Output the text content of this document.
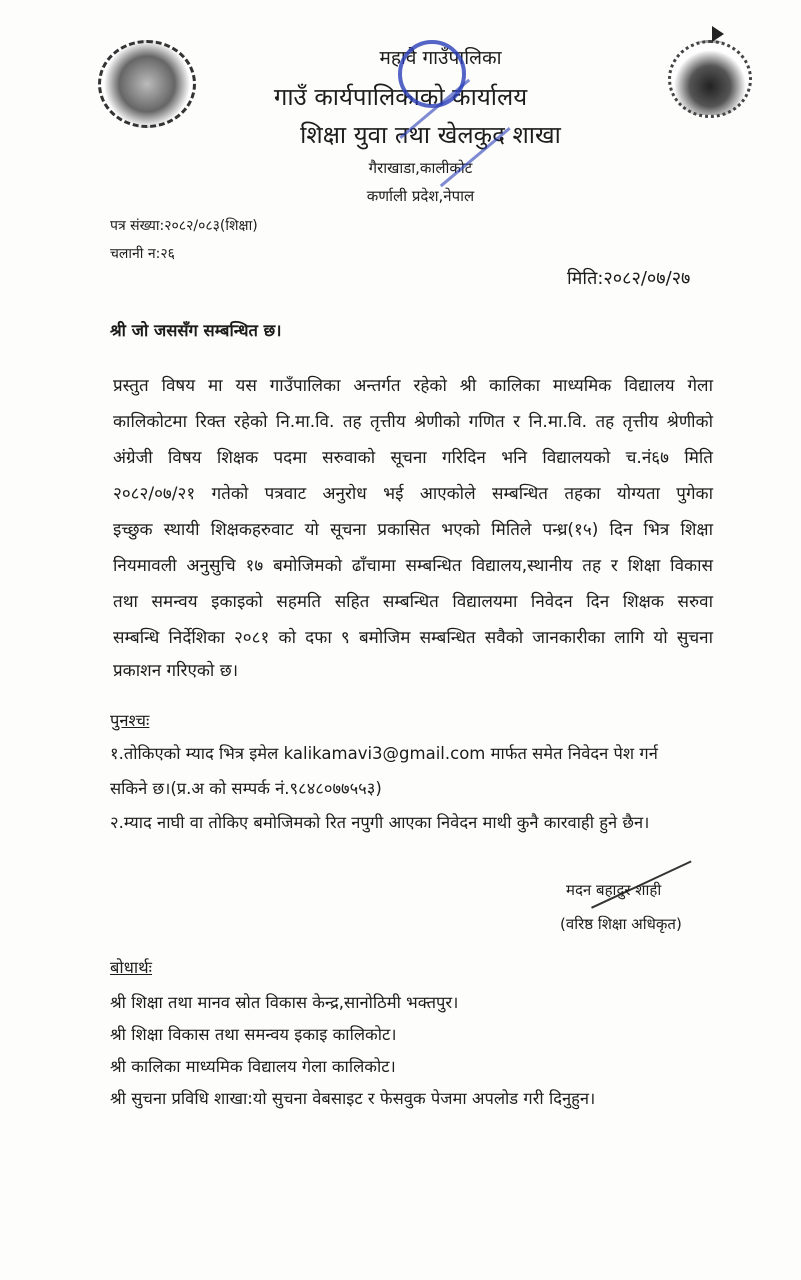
महावै गाउँपालिका
गाउँ कार्यपालिकाको कार्यालय
शिक्षा युवा तथा खेलकुद शाखा
गैराखाडा,कालीकोट
कर्णाली प्रदेश,नेपाल
पत्र संख्या:२०८२/०८३(शिक्षा)
चलानी न:२६
मिति:२०८२/०७/२७
श्री जो जससँग सम्बन्धित छ।
प्रस्तुत विषय मा यस गाउँपालिका अन्तर्गत रहेको श्री कालिका माध्यमिक विद्यालय गेला
कालिकोटमा रिक्त रहेको नि.मा.वि. तह तृत्तीय श्रेणीको गणित र नि.मा.वि. तह तृत्तीय श्रेणीको
अंग्रेजी विषय शिक्षक पदमा सरुवाको सूचना गरिदिन भनि विद्यालयको च.नं६७ मिति
२०८२/०७/२१ गतेको पत्रवाट अनुरोध भई आएकोले सम्बन्धित तहका योग्यता पुगेका
इच्छुक स्थायी शिक्षकहरुवाट यो सूचना प्रकासित भएको मितिले पन्ध्र(१५) दिन भित्र शिक्षा
नियमावली अनुसुचि १७ बमोजिमको ढाँचामा सम्बन्धित विद्यालय,स्थानीय तह र शिक्षा विकास
तथा समन्वय इकाइको सहमति सहित सम्बन्धित विद्यालयमा निवेदन दिन शिक्षक सरुवा
सम्बन्धि निर्देशिका २०८१ को दफा ९ बमोजिम सम्बन्धित सवैको जानकारीका लागि यो सुचना
प्रकाशन गरिएको छ।
पुनश्चः
१.तोकिएको म्याद भित्र इमेल kalikamavi3@gmail.com मार्फत समेत निवेदन पेश गर्न
सकिने छ।(प्र.अ को सम्पर्क नं.९८४८०७७५५३)
२.म्याद नाघी वा तोकिए बमोजिमको रित नपुगी आएका निवेदन माथी कुनै कारवाही हुने छैन।
मदन बहादुर शाही
(वरिष्ठ शिक्षा अधिकृत)
बोधार्थः
श्री शिक्षा तथा मानव स्रोत विकास केन्द्र,सानोठिमी भक्तपुर।
श्री शिक्षा विकास तथा समन्वय इकाइ कालिकोट।
श्री कालिका माध्यमिक विद्यालय गेला कालिकोट।
श्री सुचना प्रविधि शाखा:यो सुचना वेबसाइट र फेसवुक पेजमा अपलोड गरी दिनुहुन।
